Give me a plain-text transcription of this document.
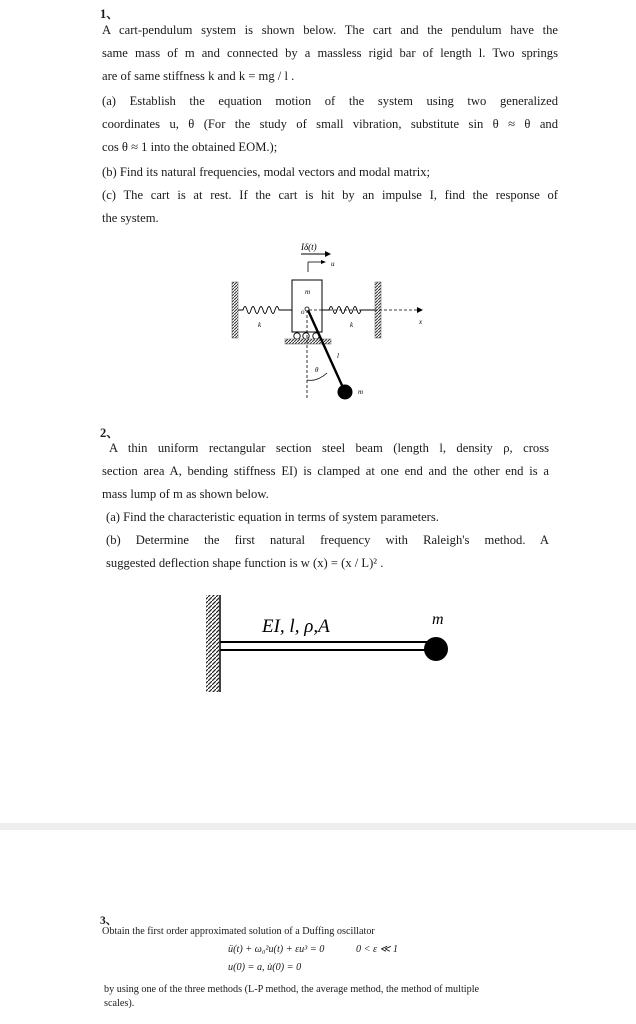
1、
A cart-pendulum system is shown below. The cart and the pendulum have the
same mass of m and connected by a massless rigid bar of length l. Two springs
are of same stiffness k and k = mg / l .
(a) Establish the equation motion of the system using two generalized
coordinates u, θ (For the study of small vibration, substitute sin θ ≈ θ and
cos θ ≈ 1 into the obtained EOM.);
(b) Find its natural frequencies, modal vectors and modal matrix;
(c) The cart is at rest. If the cart is hit by an impulse I, find the response of
the system.
Iδ(t)
u
k	k
m
o
x
l
θ
m
2、
A thin uniform rectangular section steel beam (length l, density ρ, cross
section area A, bending stiffness EI) is clamped at one end and the other end is a
mass lump of m as shown below.
(a) Find the characteristic equation in terms of system parameters.
(b) Determine the first natural frequency with Raleigh's method. A
suggested deflection shape function is w (x) = (x / L)² .
EI, l, ρ,A	m
3、
Obtain the first order approximated solution of a Duffing oscillator
ü(t) + ω₀²u(t) + εu³ = 0	0 < ε ≪ 1
u(0) = a, u̇(0) = 0
by using one of the three methods (L-P method, the average method, the method of multiple
scales).
